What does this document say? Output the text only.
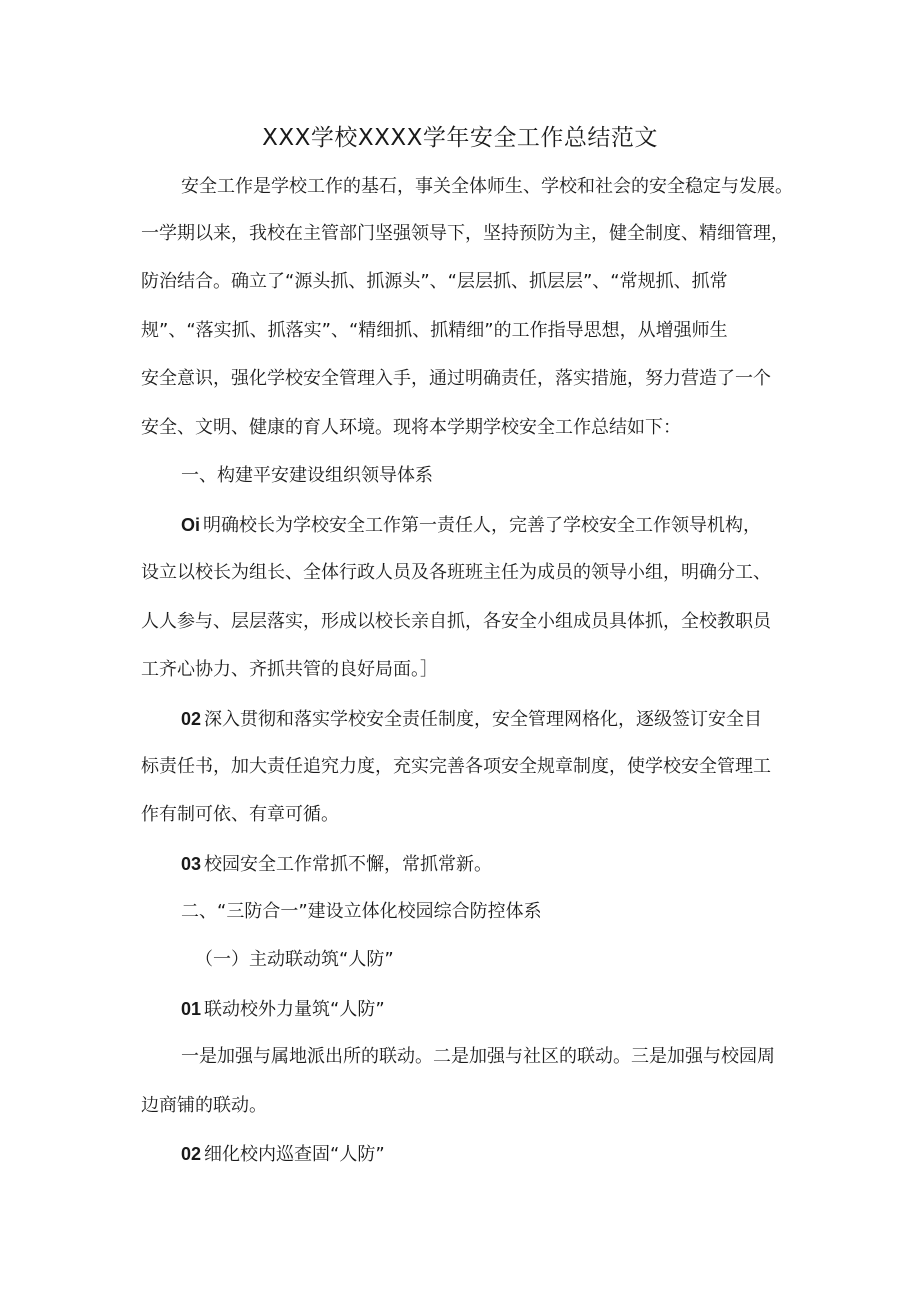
XXX学校XXXX学年安全工作总结范文
安全工作是学校工作的基石，事关全体师生、学校和社会的安全稳定与发展。
一学期以来，我校在主管部门坚强领导下，坚持预防为主，健全制度、精细管理，
防治结合。确立了“源头抓、抓源头”、“层层抓、抓层层”、“常规抓、抓常
规”、“落实抓、抓落实”、“精细抓、抓精细”的工作指导思想，从增强师生
安全意识，强化学校安全管理入手，通过明确责任，落实措施，努力营造了一个
安全、文明、健康的育人环境。现将本学期学校安全工作总结如下：
一、构建平安建设组织领导体系
Oi 明确校长为学校安全工作第一责任人，完善了学校安全工作领导机构，
设立以校长为组长、全体行政人员及各班班主任为成员的领导小组，明确分工、
人人参与、层层落实，形成以校长亲自抓，各安全小组成员具体抓，全校教职员
工齐心协力、齐抓共管的良好局面。］
02 深入贯彻和落实学校安全责任制度，安全管理网格化，逐级签订安全目
标责任书，加大责任追究力度，充实完善各项安全规章制度，使学校安全管理工
作有制可依、有章可循。
03 校园安全工作常抓不懈，常抓常新。
二、“三防合一”建设立体化校园综合防控体系
（一）主动联动筑“人防”
01 联动校外力量筑“人防”
一是加强与属地派出所的联动。二是加强与社区的联动。三是加强与校园周
边商铺的联动。
02 细化校内巡查固“人防”
